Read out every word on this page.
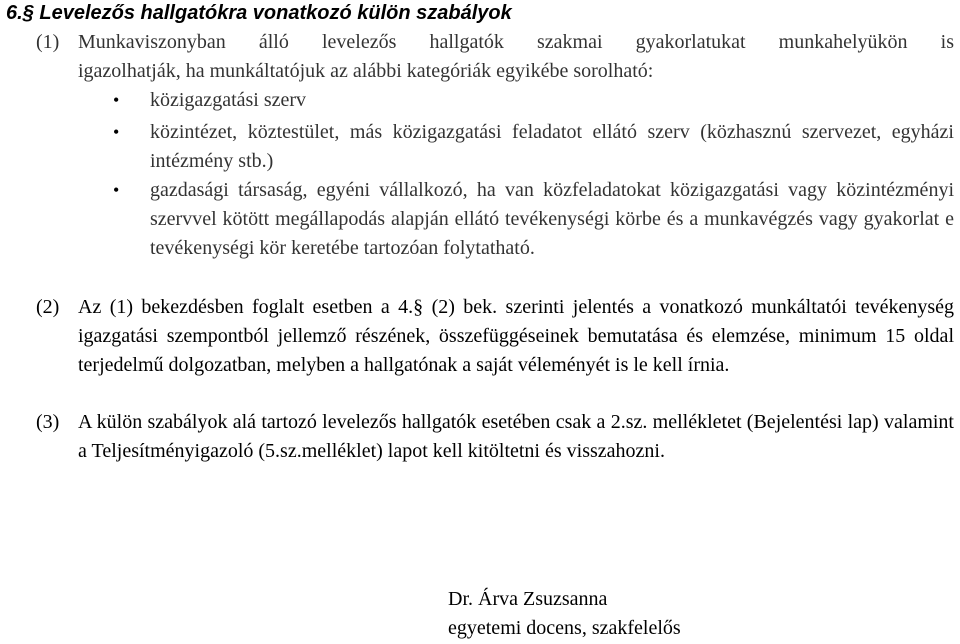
6.§ Levelezős hallgatókra vonatkozó külön szabályok
(1) Munkaviszonyban álló levelezős hallgatók szakmai gyakorlatukat munkahelyükön is
igazolhatják, ha munkáltatójuk az alábbi kategóriák egyikébe sorolható:
• közigazgatási szerv
• közintézet, köztestület, más közigazgatási feladatot ellátó szerv (közhasznú szervezet, egyházi intézmény stb.)
• gazdasági társaság, egyéni vállalkozó, ha van közfeladatokat közigazgatási vagy közintézményi szervvel kötött megállapodás alapján ellátó tevékenységi körbe és a munkavégzés vagy gyakorlat e tevékenységi kör keretébe tartozóan folytatható.
(2) Az (1) bekezdésben foglalt esetben a 4.§ (2) bek. szerinti jelentés a vonatkozó munkáltatói tevékenység igazgatási szempontból jellemző részének, összefüggéseinek bemutatása és elemzése, minimum 15 oldal terjedelmű dolgozatban, melyben a hallgatónak a saját véleményét is le kell írnia.
(3) A külön szabályok alá tartozó levelezős hallgatók esetében csak a 2.sz. mellékletet (Bejelentési lap) valamint a Teljesítményigazoló (5.sz.melléklet) lapot kell kitöltetni és visszahozni.
Dr. Árva Zsuzsanna
egyetemi docens, szakfelelős
